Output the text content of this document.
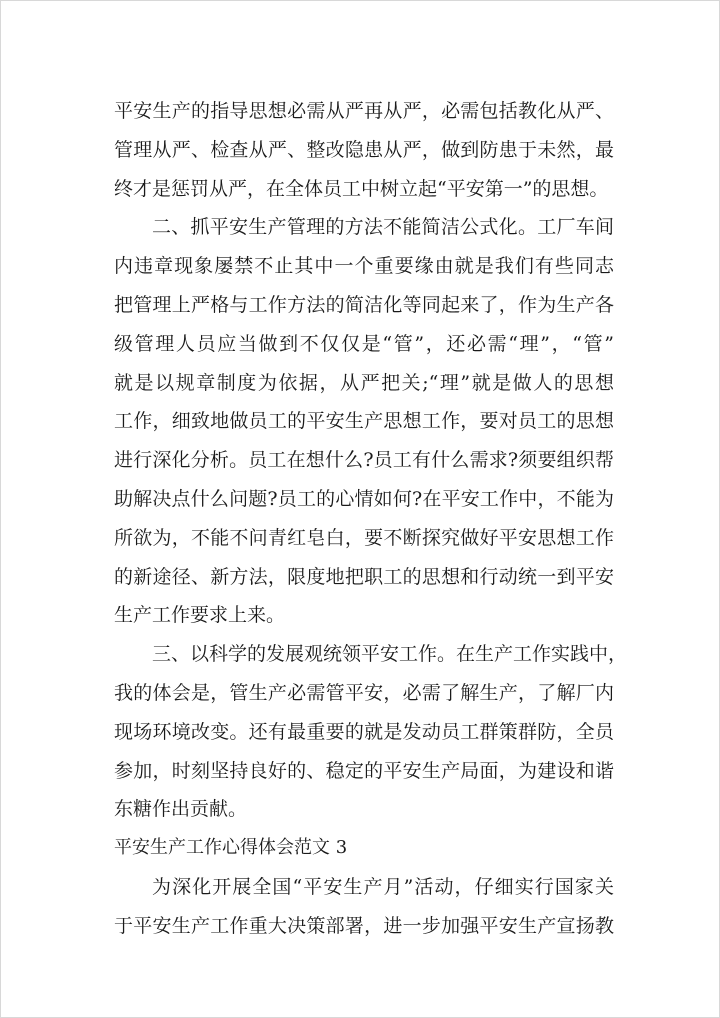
平安生产的指导思想必需从严再从严，必需包括教化从严、
管理从严、检查从严、整改隐患从严，做到防患于未然，最
终才是惩罚从严，在全体员工中树立起“平安第一”的思想。
二、抓平安生产管理的方法不能简洁公式化。工厂车间
内违章现象屡禁不止其中一个重要缘由就是我们有些同志
把管理上严格与工作方法的简洁化等同起来了，作为生产各
级管理人员应当做到不仅仅是“管”，还必需“理”，“管”
就是以规章制度为依据，从严把关;“理”就是做人的思想
工作，细致地做员工的平安生产思想工作，要对员工的思想
进行深化分析。员工在想什么?员工有什么需求?须要组织帮
助解决点什么问题?员工的心情如何?在平安工作中，不能为
所欲为，不能不问青红皂白，要不断探究做好平安思想工作
的新途径、新方法，限度地把职工的思想和行动统一到平安
生产工作要求上来。
三、以科学的发展观统领平安工作。在生产工作实践中，
我的体会是，管生产必需管平安，必需了解生产，了解厂内
现场环境改变。还有最重要的就是发动员工群策群防，全员
参加，时刻坚持良好的、稳定的平安生产局面，为建设和谐
东糖作出贡献。
平安生产工作心得体会范文 3
为深化开展全国“平安生产月”活动，仔细实行国家关
于平安生产工作重大决策部署，进一步加强平安生产宣扬教
